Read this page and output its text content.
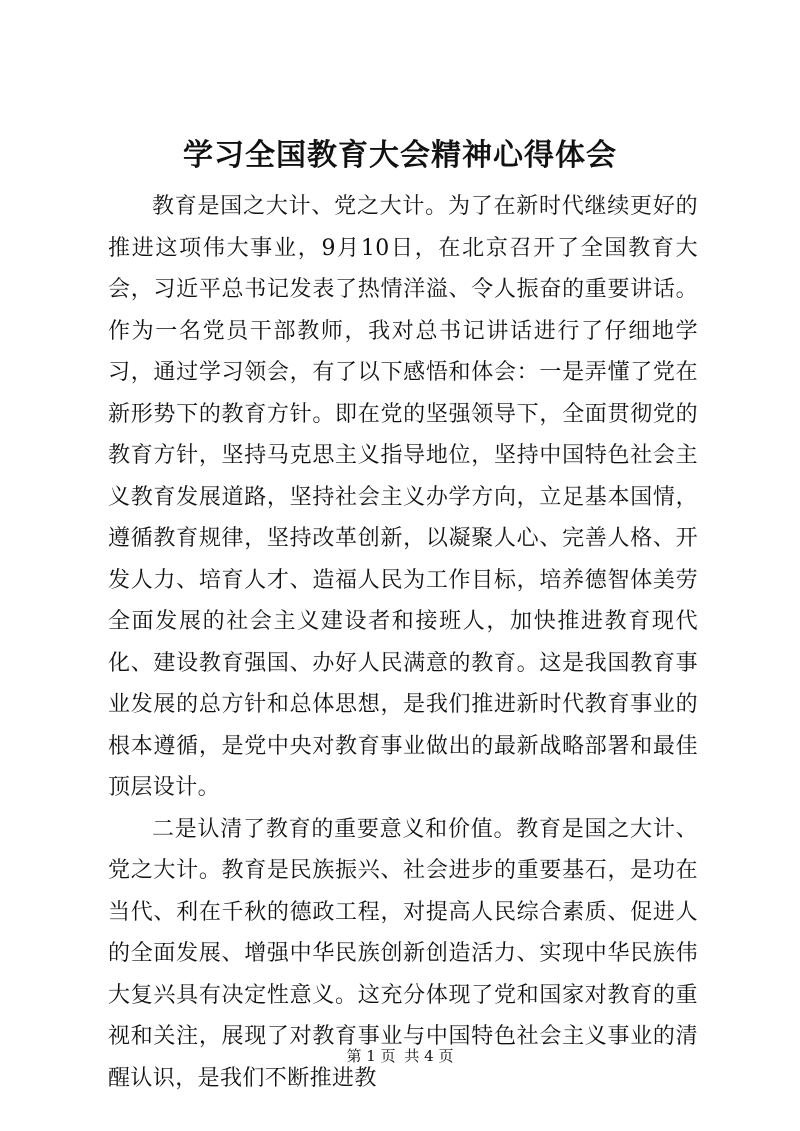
学习全国教育大会精神心得体会

教育是国之大计、党之大计。为了在新时代继续更好的推进这项伟大事业，9月10日，在北京召开了全国教育大会，习近平总书记发表了热情洋溢、令人振奋的重要讲话。作为一名党员干部教师，我对总书记讲话进行了仔细地学习，通过学习领会，有了以下感悟和体会：一是弄懂了党在新形势下的教育方针。即在党的坚强领导下，全面贯彻党的教育方针，坚持马克思主义指导地位，坚持中国特色社会主义教育发展道路，坚持社会主义办学方向，立足基本国情，遵循教育规律，坚持改革创新，以凝聚人心、完善人格、开发人力、培育人才、造福人民为工作目标，培养德智体美劳全面发展的社会主义建设者和接班人，加快推进教育现代化、建设教育强国、办好人民满意的教育。这是我国教育事业发展的总方针和总体思想，是我们推进新时代教育事业的根本遵循，是党中央对教育事业做出的最新战略部署和最佳顶层设计。

二是认清了教育的重要意义和价值。教育是国之大计、党之大计。教育是民族振兴、社会进步的重要基石，是功在当代、利在千秋的德政工程，对提高人民综合素质、促进人的全面发展、增强中华民族创新创造活力、实现中华民族伟大复兴具有决定性意义。这充分体现了党和国家对教育的重视和关注，展现了对教育事业与中国特色社会主义事业的清醒认识，是我们不断推进教

第 1 页 共 4 页
